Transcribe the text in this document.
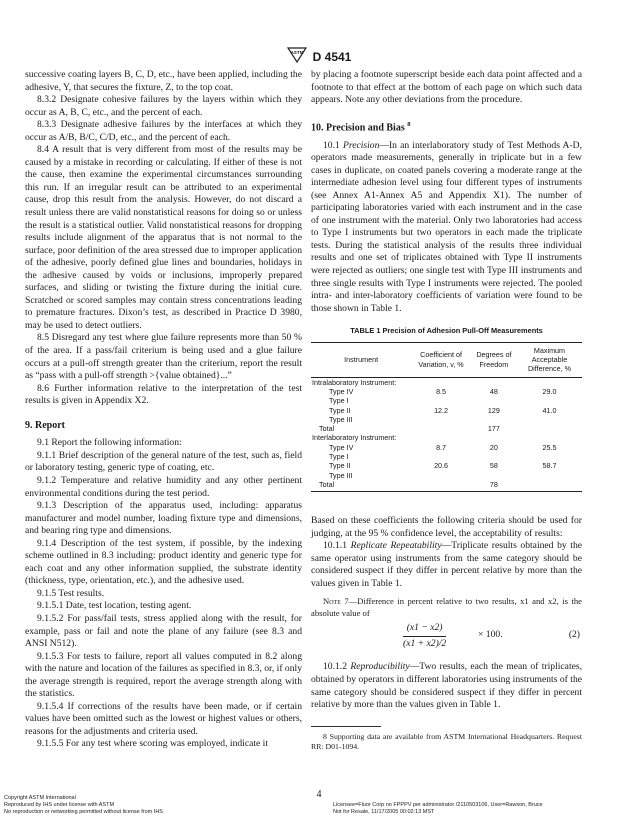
ASTM D 4541

successive coating layers B, C, D, etc., have been applied, including the adhesive, Y, that secures the fixture, Z, to the top coat.

8.3.2 Designate cohesive failures by the layers within which they occur as A, B, C, etc., and the percent of each.

8.3.3 Designate adhesive failures by the interfaces at which they occur as A/B, B/C, C/D, etc., and the percent of each.

8.4 A result that is very different from most of the results may be caused by a mistake in recording or calculating. If either of these is not the cause, then examine the experimental circumstances surrounding this run. If an irregular result can be attributed to an experimental cause, drop this result from the analysis. However, do not discard a result unless there are valid nonstatistical reasons for doing so or unless the result is a statistical outlier. Valid nonstatistical reasons for dropping results include alignment of the apparatus that is not normal to the surface, poor definition of the area stressed due to improper application of the adhesive, poorly defined glue lines and boundaries, holidays in the adhesive caused by voids or inclusions, improperly prepared surfaces, and sliding or twisting the fixture during the initial cure. Scratched or scored samples may contain stress concentrations leading to premature fractures. Dixon’s test, as described in Practice D 3980, may be used to detect outliers.

8.5 Disregard any test where glue failure represents more than 50 % of the area. If a pass/fail criterium is being used and a glue failure occurs at a pull-off strength greater than the criterium, report the result as “pass with a pull-off strength >{value obtained}...”

8.6 Further information relative to the interpretation of the test results is given in Appendix X2.

9. Report

9.1 Report the following information:

9.1.1 Brief description of the general nature of the test, such as, field or laboratory testing, generic type of coating, etc.

9.1.2 Temperature and relative humidity and any other pertinent environmental conditions during the test period.

9.1.3 Description of the apparatus used, including: apparatus manufacturer and model number, loading fixture type and dimensions, and bearing ring type and dimensions.

9.1.4 Description of the test system, if possible, by the indexing scheme outlined in 8.3 including: product identity and generic type for each coat and any other information supplied, the substrate identity (thickness, type, orientation, etc.), and the adhesive used.

9.1.5 Test results.

9.1.5.1 Date, test location, testing agent.

9.1.5.2 For pass/fail tests, stress applied along with the result, for example, pass or fail and note the plane of any failure (see 8.3 and ANSI N512).

9.1.5.3 For tests to failure, report all values computed in 8.2 along with the nature and location of the failures as specified in 8.3, or, if only the average strength is required, report the average strength along with the statistics.

9.1.5.4 If corrections of the results have been made, or if certain values have been omitted such as the lowest or highest values or others, reasons for the adjustments and criteria used.

9.1.5.5 For any test where scoring was employed, indicate it

by placing a footnote superscript beside each data point affected and a footnote to that effect at the bottom of each page on which such data appears. Note any other deviations from the procedure.

10. Precision and Bias $^8$

10.1 Precision—In an interlaboratory study of Test Methods A-D, operators made measurements, generally in triplicate but in a few cases in duplicate, on coated panels covering a moderate range at the intermediate adhesion level using four different types of instruments (see Annex A1-Annex A5 and Appendix X1). The number of participating laboratories varied with each instrument and in the case of one instrument with the material. Only two laboratories had access to Type I instruments but two operators in each made the triplicate tests. During the statistical analysis of the results three individual results and one set of triplicates obtained with Type II instruments were rejected as outliers; one single test with Type III instruments and three single results with Type I instruments were rejected. The pooled intra- and inter-laboratory coefficients of variation were found to be those shown in Table 1.

TABLE 1 Precision of Adhesion Pull-Off Measurements
Instrument	Coefficient of Variation, v, %	Degrees of Freedom	Maximum Acceptable Difference, %
Intralaboratory Instrument:			
Type IV	8.5	48	29.0
Type I			
Type II	12.2	129	41.0
Type III			
Total		177	
Interlaboratory Instrument:			
Type IV	8.7	20	25.5
Type I			
Type II	20.6	58	58.7
Type III			
Total		78	

Based on these coefficients the following criteria should be used for judging, at the 95 % confidence level, the acceptability of results:

10.1.1 Replicate Repeatability—Triplicate results obtained by the same operator using instruments from the same category should be considered suspect if they differ in percent relative by more than the values given in Table 1.

Note 7—Difference in percent relative to two results, x1 and x2, is the absolute value of

$\frac{(x1 - x2)}{(x1 + x2)/2}$	× 100.	(2)

10.1.2 Reproducibility—Two results, each the mean of triplicates, obtained by operators in different laboratories using instruments of the same category should be considered suspect if they differ in percent relative by more than the values given in Table 1.

8 Supporting data are available from ASTM International Headquarters. Request RR: D01-1094.

4
Copyright ASTM International
Reproduced by IHS under license with ASTM
No reproduction or networking permitted without license from IHS
Licensee=Fluor Corp no FPPPV per administrator /2110503106, User=Rawson, Bruce
Not for Resale, 11/17/2005 00:02:13 MST
